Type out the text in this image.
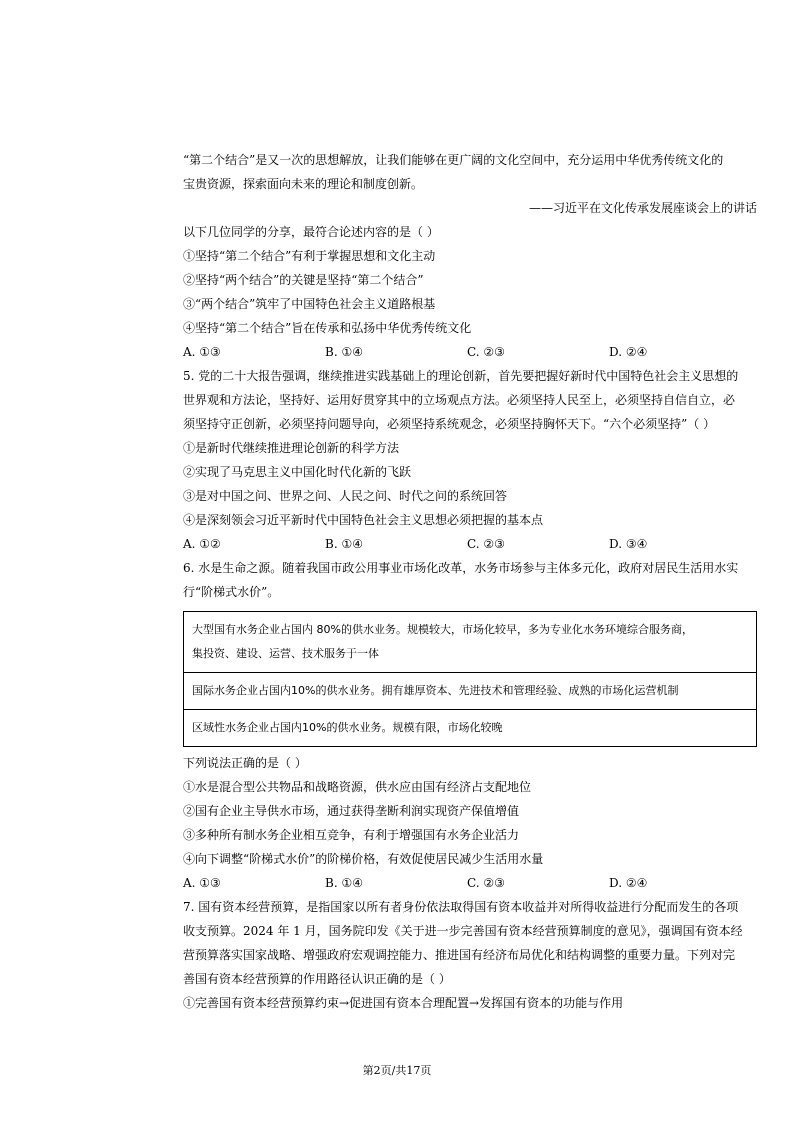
“第二个结合”是又一次的思想解放，让我们能够在更广阔的文化空间中，充分运用中华优秀传统文化的
宝贵资源，探索面向未来的理论和制度创新。
——习近平在文化传承发展座谈会上的讲话
以下几位同学的分享，最符合论述内容的是（ ）
①坚持“第二个结合”有利于掌握思想和文化主动
②坚持“两个结合”的关键是坚持“第二个结合”
③“两个结合”筑牢了中国特色社会主义道路根基
④坚持“第二个结合”旨在传承和弘扬中华优秀传统文化
A. ①③	B. ①④	C. ②③	D. ②④
5. 党的二十大报告强调，继续推进实践基础上的理论创新，首先要把握好新时代中国特色社会主义思想的
世界观和方法论，坚持好、运用好贯穿其中的立场观点方法。必须坚持人民至上，必须坚持自信自立，必
须坚持守正创新，必须坚持问题导向，必须坚持系统观念，必须坚持胸怀天下。“六个必须坚持”（ ）
①是新时代继续推进理论创新的科学方法
②实现了马克思主义中国化时代化新的飞跃
③是对中国之问、世界之问、人民之问、时代之问的系统回答
④是深刻领会习近平新时代中国特色社会主义思想必须把握的基本点
A. ①②	B. ①④	C. ②③	D. ③④
6. 水是生命之源。随着我国市政公用事业市场化改革，水务市场参与主体多元化，政府对居民生活用水实
行“阶梯式水价”。
大型国有水务企业占国内 80%的供水业务。规模较大，市场化较早，多为专业化水务环境综合服务商，
集投资、建设、运营、技术服务于一体

国际水务企业占国内10%的供水业务。拥有雄厚资本、先进技术和管理经验、成熟的市场化运营机制

区域性水务企业占国内10%的供水业务。规模有限，市场化较晚
下列说法正确的是（ ）
①水是混合型公共物品和战略资源，供水应由国有经济占支配地位
②国有企业主导供水市场，通过获得垄断利润实现资产保值增值
③多种所有制水务企业相互竞争，有利于增强国有水务企业活力
④向下调整“阶梯式水价”的阶梯价格，有效促使居民减少生活用水量
A. ①③	B. ①④	C. ②③	D. ②④
7. 国有资本经营预算，是指国家以所有者身份依法取得国有资本收益并对所得收益进行分配而发生的各项
收支预算。2024 年 1 月，国务院印发《关于进一步完善国有资本经营预算制度的意见》，强调国有资本经
营预算落实国家战略、增强政府宏观调控能力、推进国有经济布局优化和结构调整的重要力量。下列对完
善国有资本经营预算的作用路径认识正确的是（ ）
①完善国有资本经营预算约束→促进国有资本合理配置→发挥国有资本的功能与作用
第2页/共17页
